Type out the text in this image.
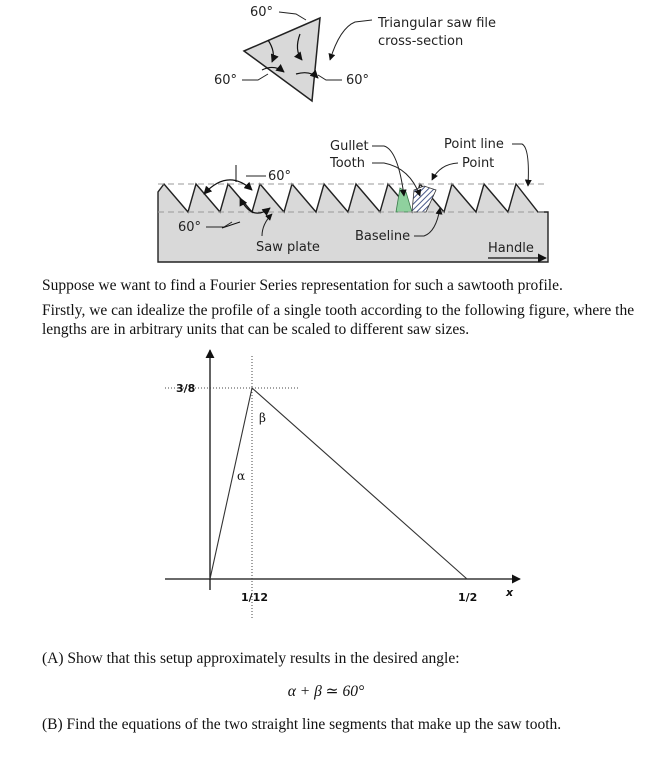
60°
60°	60°
Triangular saw file
cross-section
Gullet
Tooth
Point line
Point
60°
60°
Baseline
Saw plate	Handle
3/8
1/12	1/2	x
α
β

Suppose we want to find a Fourier Series representation for such a sawtooth profile.

Firstly, we can idealize the profile of a single tooth according to the following figure, where the lengths are in arbitrary units that can be scaled to different saw sizes.

(A) Show that this setup approximately results in the desired angle:

α + β ≃ 60°

(B) Find the equations of the two straight line segments that make up the saw tooth.
